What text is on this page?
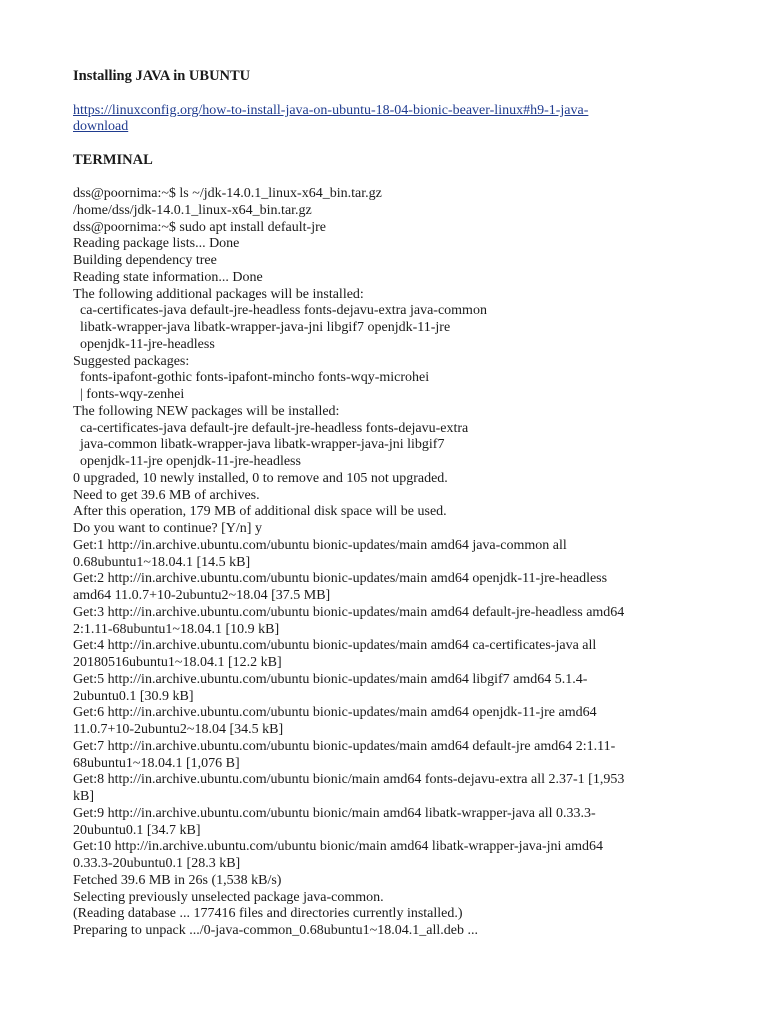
Installing JAVA in UBUNTU

https://linuxconfig.org/how-to-install-java-on-ubuntu-18-04-bionic-beaver-linux#h9-1-java-
download

TERMINAL

dss@poornima:~$ ls ~/jdk-14.0.1_linux-x64_bin.tar.gz

/home/dss/jdk-14.0.1_linux-x64_bin.tar.gz

dss@poornima:~$ sudo apt install default-jre

Reading package lists... Done

Building dependency tree

Reading state information... Done

The following additional packages will be installed:

ca-certificates-java default-jre-headless fonts-dejavu-extra java-common

libatk-wrapper-java libatk-wrapper-java-jni libgif7 openjdk-11-jre

openjdk-11-jre-headless

Suggested packages:

fonts-ipafont-gothic fonts-ipafont-mincho fonts-wqy-microhei

| fonts-wqy-zenhei

The following NEW packages will be installed:

ca-certificates-java default-jre default-jre-headless fonts-dejavu-extra

java-common libatk-wrapper-java libatk-wrapper-java-jni libgif7

openjdk-11-jre openjdk-11-jre-headless

0 upgraded, 10 newly installed, 0 to remove and 105 not upgraded.

Need to get 39.6 MB of archives.

After this operation, 179 MB of additional disk space will be used.

Do you want to continue? [Y/n] y

Get:1 http://in.archive.ubuntu.com/ubuntu bionic-updates/main amd64 java-common all

0.68ubuntu1~18.04.1 [14.5 kB]

Get:2 http://in.archive.ubuntu.com/ubuntu bionic-updates/main amd64 openjdk-11-jre-headless

amd64 11.0.7+10-2ubuntu2~18.04 [37.5 MB]

Get:3 http://in.archive.ubuntu.com/ubuntu bionic-updates/main amd64 default-jre-headless amd64

2:1.11-68ubuntu1~18.04.1 [10.9 kB]

Get:4 http://in.archive.ubuntu.com/ubuntu bionic-updates/main amd64 ca-certificates-java all

20180516ubuntu1~18.04.1 [12.2 kB]

Get:5 http://in.archive.ubuntu.com/ubuntu bionic-updates/main amd64 libgif7 amd64 5.1.4-

2ubuntu0.1 [30.9 kB]

Get:6 http://in.archive.ubuntu.com/ubuntu bionic-updates/main amd64 openjdk-11-jre amd64

11.0.7+10-2ubuntu2~18.04 [34.5 kB]

Get:7 http://in.archive.ubuntu.com/ubuntu bionic-updates/main amd64 default-jre amd64 2:1.11-

68ubuntu1~18.04.1 [1,076 B]

Get:8 http://in.archive.ubuntu.com/ubuntu bionic/main amd64 fonts-dejavu-extra all 2.37-1 [1,953

kB]

Get:9 http://in.archive.ubuntu.com/ubuntu bionic/main amd64 libatk-wrapper-java all 0.33.3-

20ubuntu0.1 [34.7 kB]

Get:10 http://in.archive.ubuntu.com/ubuntu bionic/main amd64 libatk-wrapper-java-jni amd64

0.33.3-20ubuntu0.1 [28.3 kB]

Fetched 39.6 MB in 26s (1,538 kB/s)

Selecting previously unselected package java-common.

(Reading database ... 177416 files and directories currently installed.)

Preparing to unpack .../0-java-common_0.68ubuntu1~18.04.1_all.deb ...
